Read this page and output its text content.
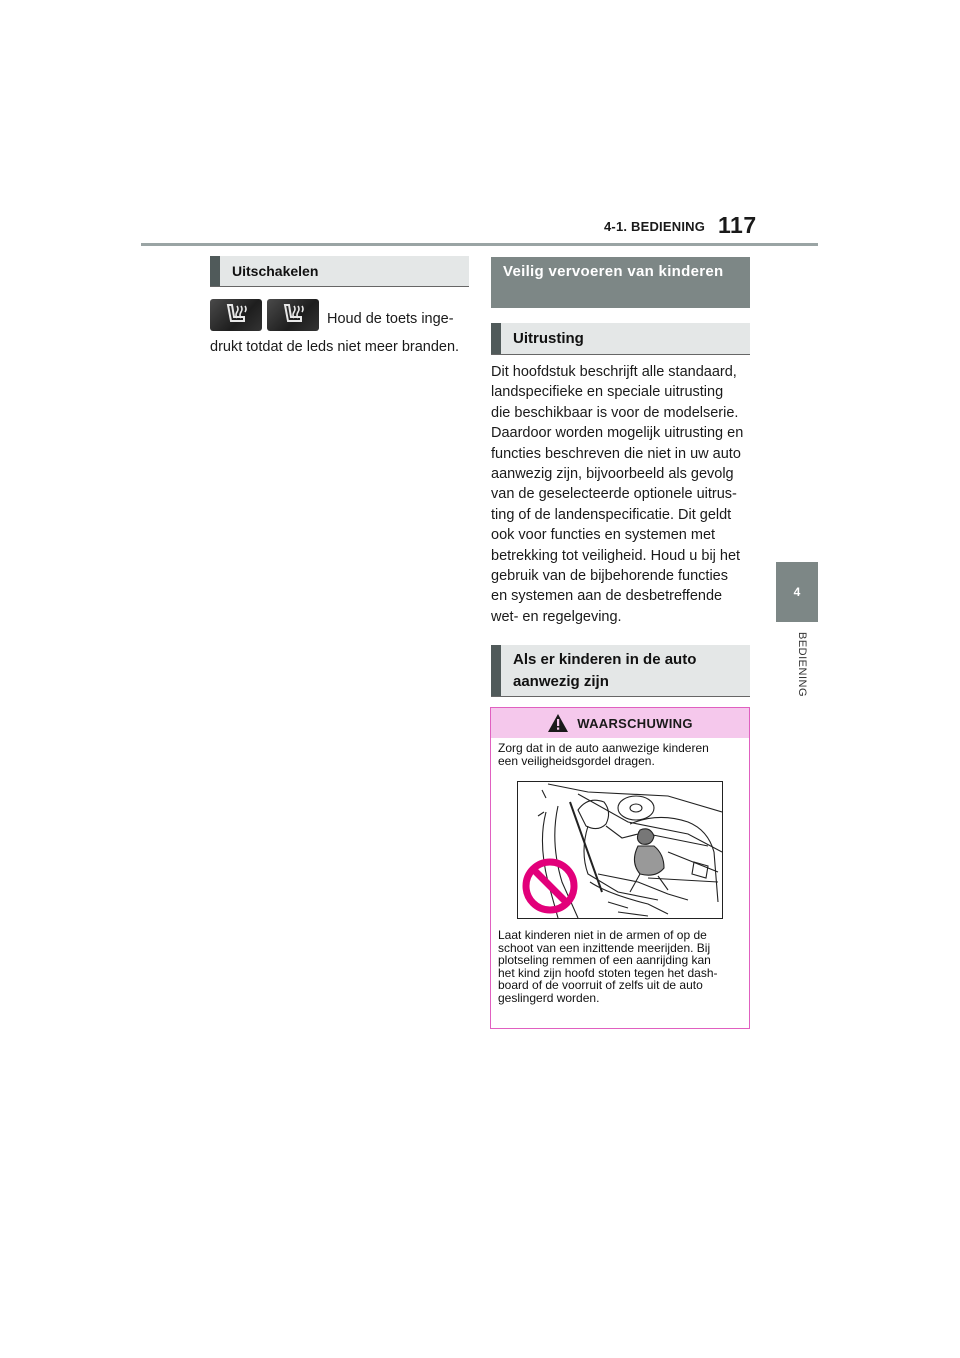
4-1. BEDIENING 117
4
BEDIENING
Uitschakelen
Houd de toets inge-
drukt totdat de leds niet meer branden.
Veilig vervoeren van kinderen
Uitrusting
Dit hoofdstuk beschrijft alle standaard,
landspecifieke en speciale uitrusting
die beschikbaar is voor de modelserie.
Daardoor worden mogelijk uitrusting en
functies beschreven die niet in uw auto
aanwezig zijn, bijvoorbeeld als gevolg
van de geselecteerde optionele uitrus-
ting of de landenspecificatie. Dit geldt
ook voor functies en systemen met
betrekking tot veiligheid. Houd u bij het
gebruik van de bijbehorende functies
en systemen aan de desbetreffende
wet- en regelgeving.
Als er kinderen in de auto
aanwezig zijn
WAARSCHUWING
Zorg dat in de auto aanwezige kinderen
een veiligheidsgordel dragen.
Laat kinderen niet in de armen of op de
schoot van een inzittende meerijden. Bij
plotseling remmen of een aanrijding kan
het kind zijn hoofd stoten tegen het dash-
board of de voorruit of zelfs uit de auto
geslingerd worden.
